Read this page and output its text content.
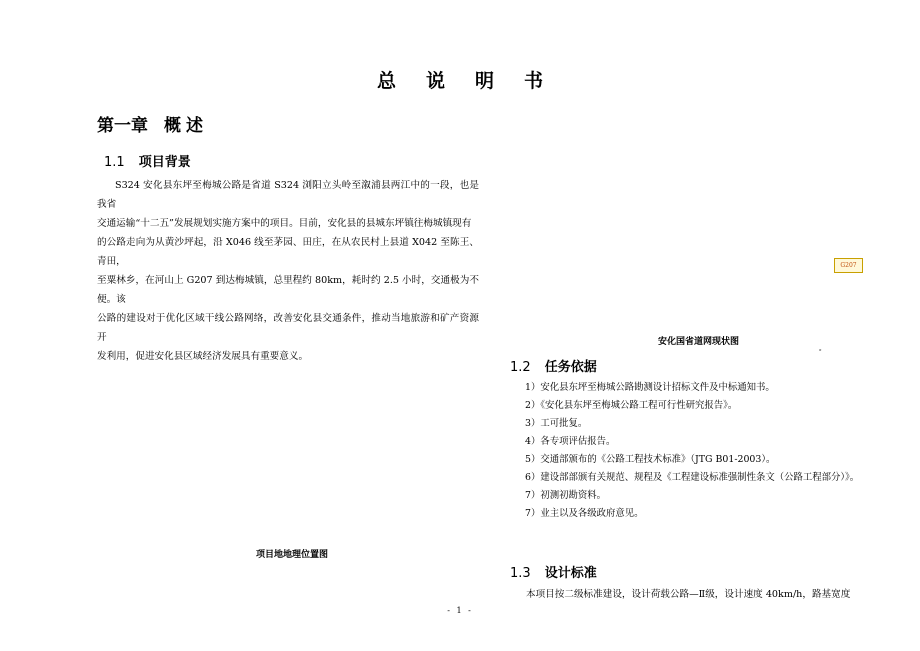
总说明书
第一章 概述
1.1 项目背景
S324 安化县东坪至梅城公路是省道 S324 浏阳立头岭至溆浦县两江中的一段，也是我省
交通运输“十二五”发展规划实施方案中的项目。目前，安化县的县城东坪镇往梅城镇现有
的公路走向为从黄沙坪起，沿 X046 线至茅园、田庄，在从农民村上县道 X042 至陈王、青田，
至粟林乡，在河山上 G207 到达梅城镇，总里程约 80km，耗时约 2.5 小时，交通极为不便。该
公路的建设对于优化区域干线公路网络，改善安化县交通条件，推动当地旅游和矿产资源开
发利用，促进安化县区域经济发展具有重要意义。
项目地地理位置图
G207
安化国省道网现状图
ᵅ
1.2 任务依据
1）安化县东坪至梅城公路勘测设计招标文件及中标通知书。
2）《安化县东坪至梅城公路工程可行性研究报告》。
3）工可批复。
4）各专项评估报告。
5）交通部颁布的《公路工程技术标准》（JTG B01-2003）。
6）建设部部颁有关规范、规程及《工程建设标准强制性条文（公路工程部分）》。
7）初测初勘资料。
7）业主以及各级政府意见。
1.3 设计标准
本项目按二级标准建设，设计荷载公路—Ⅱ级，设计速度 40km/h，路基宽度
- 1 -
